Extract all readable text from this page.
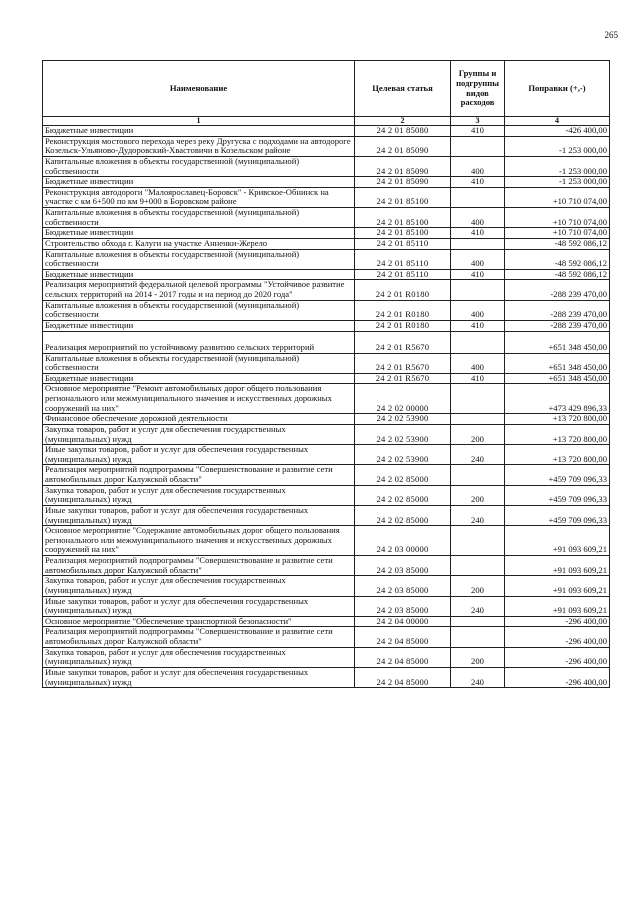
265
Наименование	Целевая статья	Группы и подгруппы видов расходов	Поправки (+,-)
1	2	3	4
Бюджетные инвестиции	24 2 01 85080	410	-426 400,00
Реконструкция мостового перехода через реку Другуска с подходами на автодороге Козельск-Ульяново-Дудоровский-Хвастовичи в Козельском районе	24 2 01 85090		-1 253 000,00
Капитальные вложения в объекты государственной (муниципальной) собственности	24 2 01 85090	400	-1 253 000,00
Бюджетные инвестиции	24 2 01 85090	410	-1 253 000,00
Реконструкция автодороги "Малоярославец-Боровск" - Кривское-Обнинск на участке с км 6+500 по км 9+000 в Боровском районе	24 2 01 85100		+10 710 074,00
Капитальные вложения в объекты государственной (муниципальной) собственности	24 2 01 85100	400	+10 710 074,00
Бюджетные инвестиции	24 2 01 85100	410	+10 710 074,00
Строительство обхода г. Калуги на участке Анненки-Жерело	24 2 01 85110		-48 592 086,12
Капитальные вложения в объекты государственной (муниципальной) собственности	24 2 01 85110	400	-48 592 086,12
Бюджетные инвестиции	24 2 01 85110	410	-48 592 086,12
Реализация мероприятий федеральной целевой программы "Устойчивое развитие сельских территорий на 2014 - 2017 годы и на период до 2020 года"	24 2 01 R0180		-288 239 470,00
Капитальные вложения в объекты государственной (муниципальной) собственности	24 2 01 R0180	400	-288 239 470,00
Бюджетные инвестиции	24 2 01 R0180	410	-288 239 470,00
Реализация мероприятий по устойчивому развитию сельских территорий	24 2 01 R5670		+651 348 450,00
Капитальные вложения в объекты государственной (муниципальной) собственности	24 2 01 R5670	400	+651 348 450,00
Бюджетные инвестиции	24 2 01 R5670	410	+651 348 450,00
Основное мероприятие "Ремонт автомобильных дорог общего пользования регионального или межмуниципального значения и искусственных дорожных сооружений на них"	24 2 02 00000		+473 429 896,33
Финансовое обеспечение дорожной деятельности	24 2 02 53900		+13 720 800,00
Закупка товаров, работ и услуг для обеспечения государственных (муниципальных) нужд	24 2 02 53900	200	+13 720 800,00
Иные закупки товаров, работ и услуг для обеспечения государственных (муниципальных) нужд	24 2 02 53900	240	+13 720 800,00
Реализация мероприятий подпрограммы "Совершенствование и развитие сети автомобильных дорог Калужской области"	24 2 02 85000		+459 709 096,33
Закупка товаров, работ и услуг для обеспечения государственных (муниципальных) нужд	24 2 02 85000	200	+459 709 096,33
Иные закупки товаров, работ и услуг для обеспечения государственных (муниципальных) нужд	24 2 02 85000	240	+459 709 096,33
Основное мероприятие "Содержание автомобильных дорог общего пользования регионального или межмуниципального значения и искусственных дорожных сооружений на них"	24 2 03 00000		+91 093 609,21
Реализация мероприятий подпрограммы "Совершенствование и развитие сети автомобильных дорог Калужской области"	24 2 03 85000		+91 093 609,21
Закупка товаров, работ и услуг для обеспечения государственных (муниципальных) нужд	24 2 03 85000	200	+91 093 609,21
Иные закупки товаров, работ и услуг для обеспечения государственных (муниципальных) нужд	24 2 03 85000	240	+91 093 609,21
Основное мероприятие "Обеспечение транспортной безопасности"	24 2 04 00000		-296 400,00
Реализация мероприятий подпрограммы "Совершенствование и развитие сети автомобильных дорог Калужской области"	24 2 04 85000		-296 400,00
Закупка товаров, работ и услуг для обеспечения государственных (муниципальных) нужд	24 2 04 85000	200	-296 400,00
Иные закупки товаров, работ и услуг для обеспечения государственных (муниципальных) нужд	24 2 04 85000	240	-296 400,00
